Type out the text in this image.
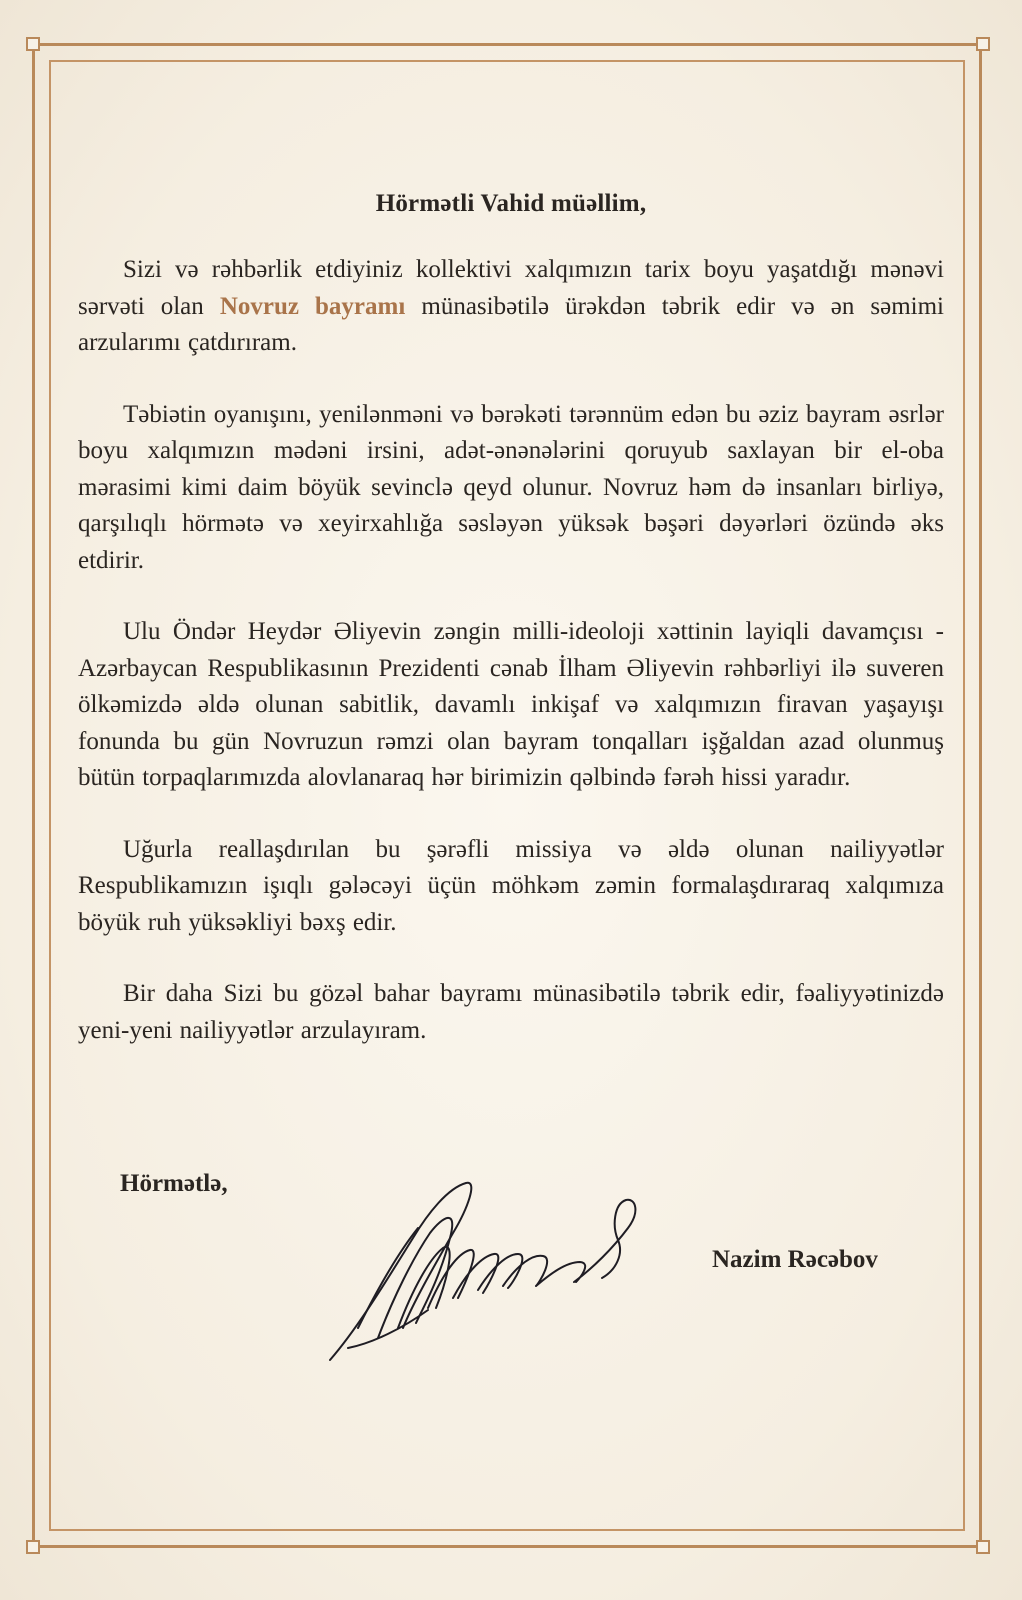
Hörmətli Vahid müəllim,

Sizi və rəhbərlik etdiyiniz kollektivi xalqımızın tarix boyu yaşatdığı mənəvi sərvəti olan Novruz bayramı münasibətilə ürəkdən təbrik edir və ən səmimi arzularımı çatdırıram.

Təbiətin oyanışını, yenilənməni və bərəkəti tərənnüm edən bu əziz bayram əsrlər boyu xalqımızın mədəni irsini, adət-ənənələrini qoruyub saxlayan bir el-oba mərasimi kimi daim böyük sevinclə qeyd olunur. Novruz həm də insanları birliyə, qarşılıqlı hörmətə və xeyirxahlığa səsləyən yüksək bəşəri dəyərləri özündə əks etdirir.

Ulu Öndər Heydər Əliyevin zəngin milli-ideoloji xəttinin layiqli davamçısı - Azərbaycan Respublikasının Prezidenti cənab İlham Əliyevin rəhbərliyi ilə suveren ölkəmizdə əldə olunan sabitlik, davamlı inkişaf və xalqımızın firavan yaşayışı fonunda bu gün Novruzun rəmzi olan bayram tonqalları işğaldan azad olunmuş bütün torpaqlarımızda alovlanaraq hər birimizin qəlbində fərəh hissi yaradır.

Uğurla reallaşdırılan bu şərəfli missiya və əldə olunan nailiyyətlər Respublikamızın işıqlı gələcəyi üçün möhkəm zəmin formalaşdıraraq xalqımıza böyük ruh yüksəkliyi bəxş edir.

Bir daha Sizi bu gözəl bahar bayramı münasibətilə təbrik edir, fəaliyyətinizdə yeni-yeni nailiyyətlər arzulayıram.

Hörmətlə,
Nazim Rəcəbov
